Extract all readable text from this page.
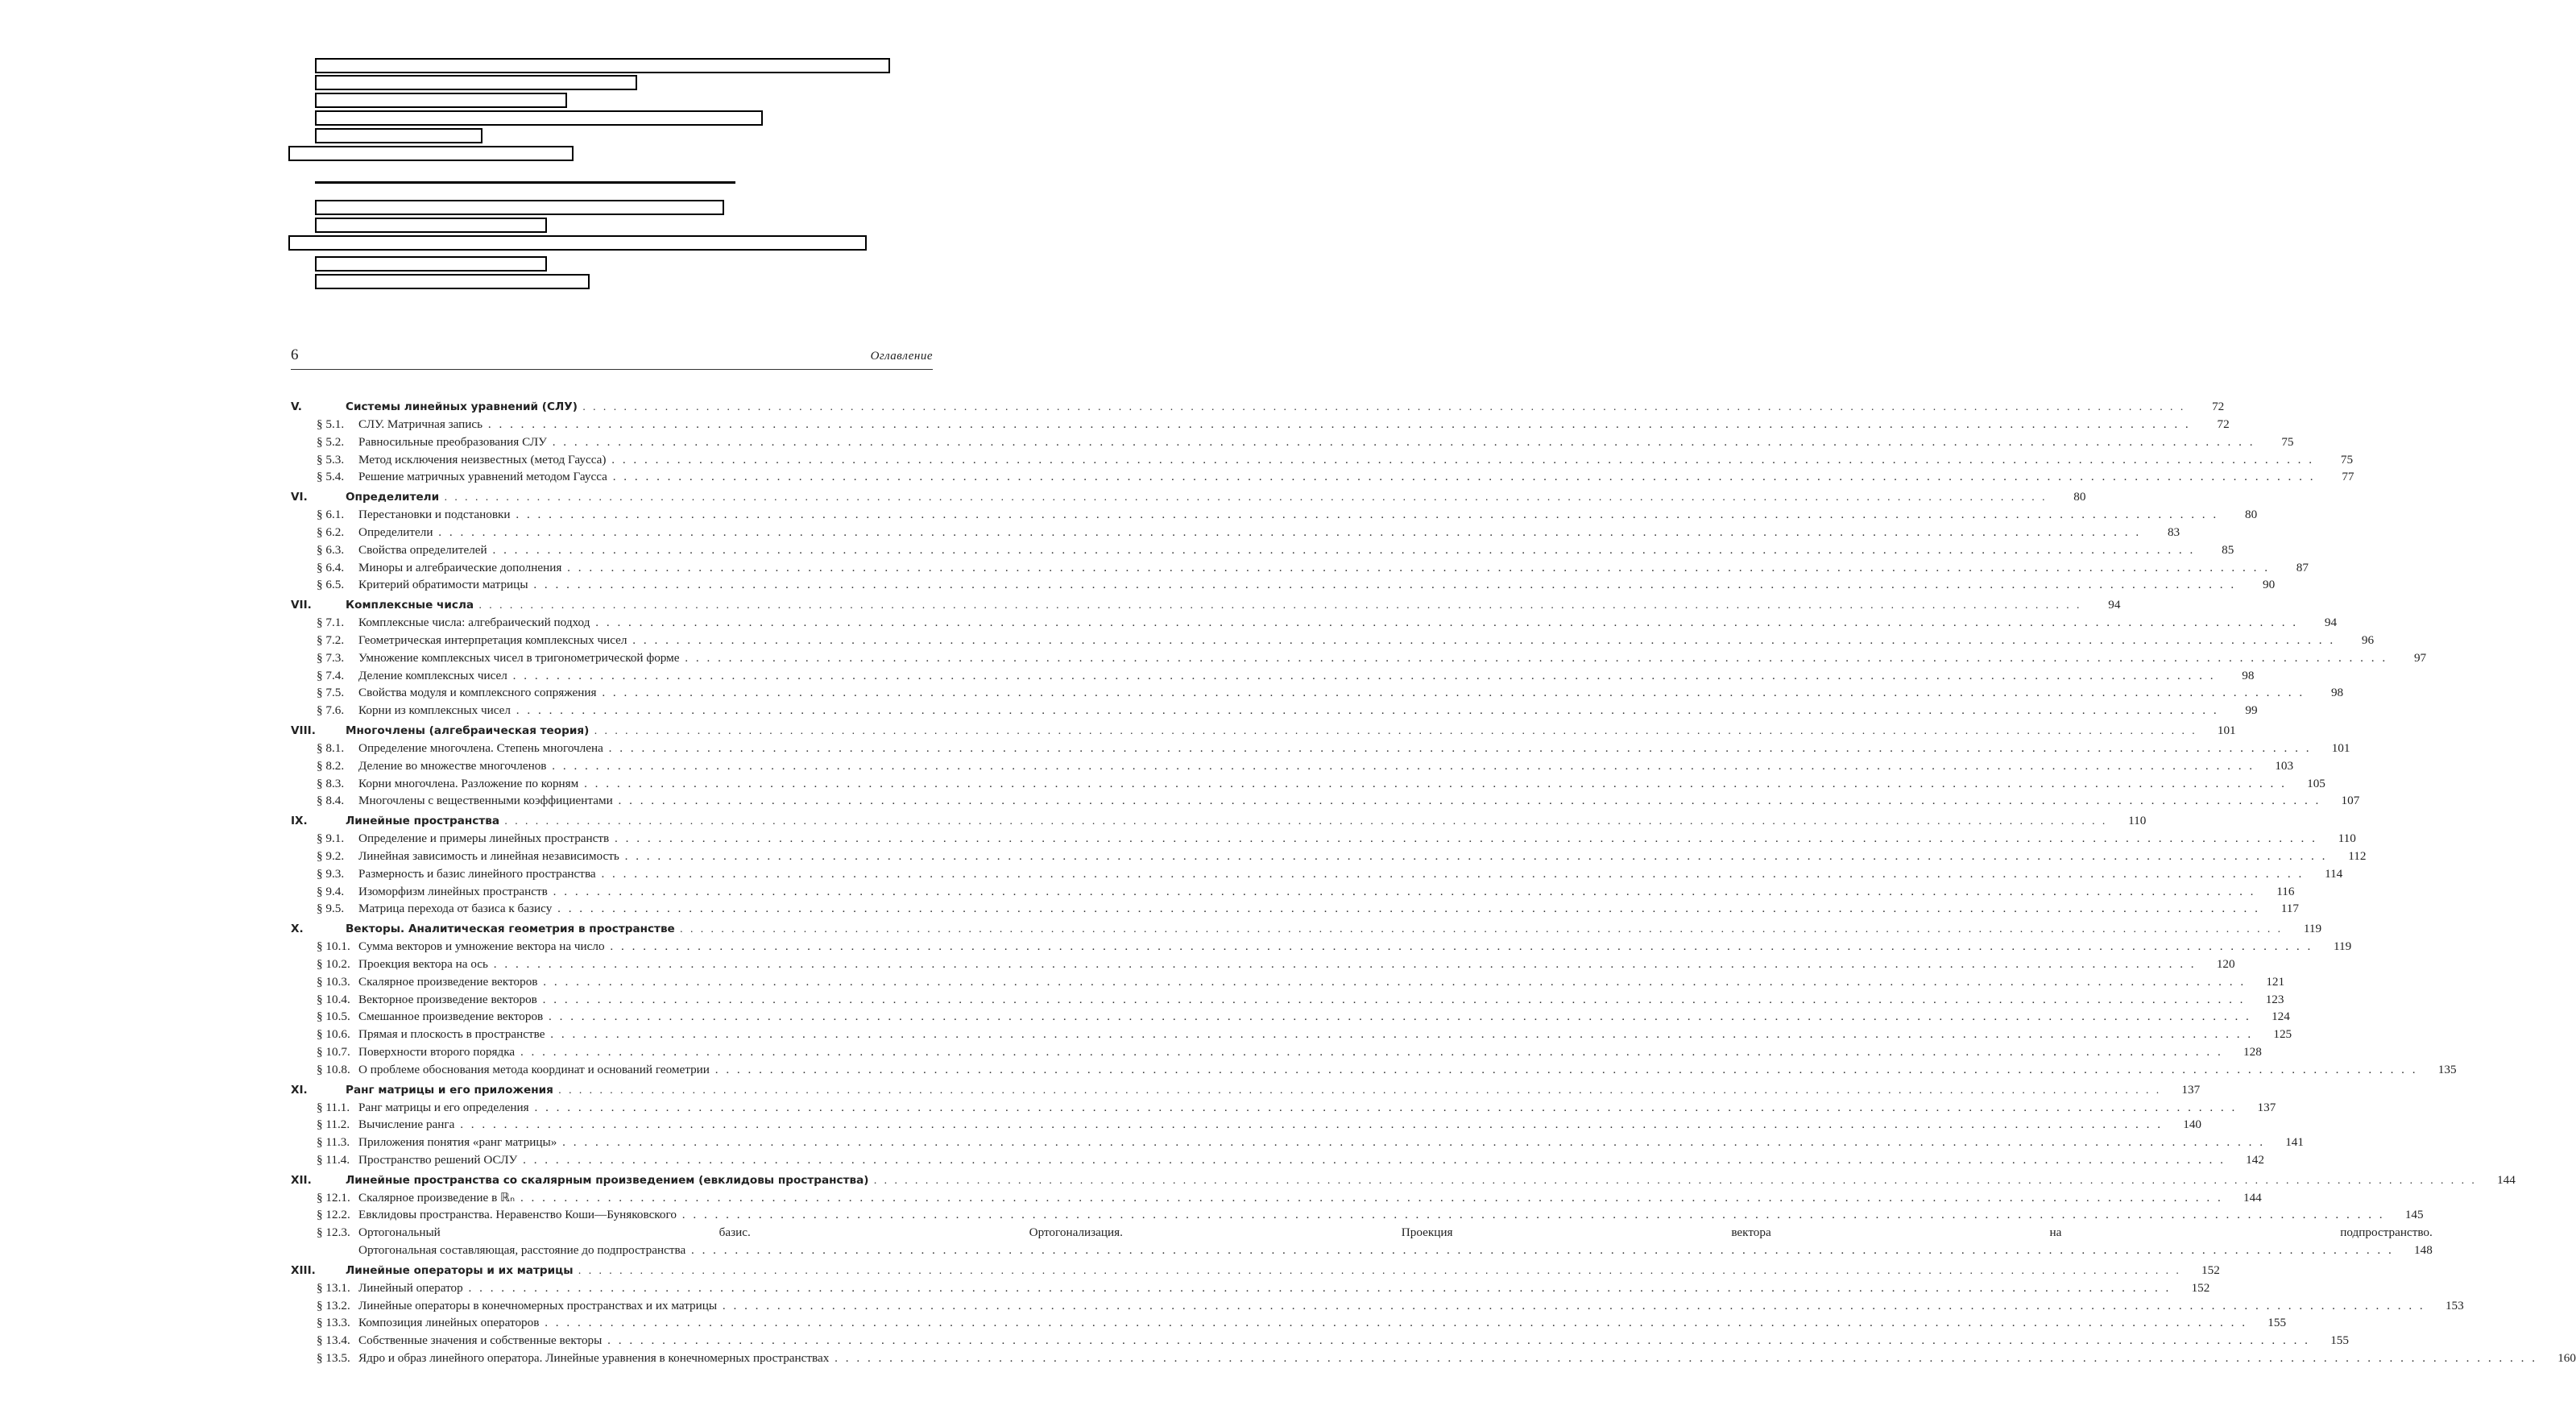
6	Оглавление
V.	Системы линейных уравнений (СЛУ) . . .	72
§ 5.1.	СЛУ. Матричная запись . . .	72
§ 5.2.	Равносильные преобразования СЛУ . . .	75
§ 5.3.	Метод исключения неизвестных (метод Гаусса) . . .	75
§ 5.4.	Решение матричных уравнений методом Гаусса . . .	77
VI.	Определители . . .	80
§ 6.1.	Перестановки и подстановки . . .	80
§ 6.2.	Определители . . .	83
§ 6.3.	Свойства определителей . . .	85
§ 6.4.	Миноры и алгебраические дополнения . . .	87
§ 6.5.	Критерий обратимости матрицы . . .	90
VII.	Комплексные числа . . .	94
§ 7.1.	Комплексные числа: алгебраический подход . . .	94
§ 7.2.	Геометрическая интерпретация комплексных чисел . . .	96
§ 7.3.	Умножение комплексных чисел в тригонометрической форме . . .	97
§ 7.4.	Деление комплексных чисел . . .	98
§ 7.5.	Свойства модуля и комплексного сопряжения . . .	98
§ 7.6.	Корни из комплексных чисел . . .	99
VIII.	Многочлены (алгебраическая теория) . . .	101
§ 8.1.	Определение многочлена. Степень многочлена . . .	101
§ 8.2.	Деление во множестве многочленов . . .	103
§ 8.3.	Корни многочлена. Разложение по корням . . .	105
§ 8.4.	Многочлены с вещественными коэффициентами . . .	107
IX.	Линейные пространства . . .	110
§ 9.1.	Определение и примеры линейных пространств . . .	110
§ 9.2.	Линейная зависимость и линейная независимость . . .	112
§ 9.3.	Размерность и базис линейного пространства . . .	114
§ 9.4.	Изоморфизм линейных пространств . . .	116
§ 9.5.	Матрица перехода от базиса к базису . . .	117
X.	Векторы. Аналитическая геометрия в пространстве . . .	119
§ 10.1. Сумма векторов и умножение вектора на число . . .	119
§ 10.2. Проекция вектора на ось . . .	120
§ 10.3. Скалярное произведение векторов . . .	121
§ 10.4. Векторное произведение векторов . . .	123
§ 10.5. Смешанное произведение векторов . . .	124
§ 10.6. Прямая и плоскость в пространстве . . .	125
§ 10.7. Поверхности второго порядка . . .	128
§ 10.8. О проблеме обоснования метода координат и оснований геометрии . . .	135
XI.	Ранг матрицы и его приложения . . .	137
§ 11.1. Ранг матрицы и его определения . . .	137
§ 11.2. Вычисление ранга . . .	140
§ 11.3. Приложения понятия «ранг матрицы» . . .	141
§ 11.4. Пространство решений ОСЛУ . . .	142
XII.	Линейные пространства со скалярным произведением (евклидовы пространства) . . .	144
§ 12.1. Скалярное произведение в ℝₙ . . .	144
§ 12.2. Евклидовы пространства. Неравенство Коши—Буняковского . . .	145
§ 12.3. Ортогональный базис. Ортогонализация. Проекция вектора на подпространство.
Ортогональная составляющая, расстояние до подпространства . . .	148
XIII.	Линейные операторы и их матрицы . . .	152
§ 13.1. Линейный оператор . . .	152
§ 13.2. Линейные операторы в конечномерных пространствах и их матрицы . . .	153
§ 13.3. Композиция линейных операторов . . .	155
§ 13.4. Собственные значения и собственные векторы . . .	155
§ 13.5. Ядро и образ линейного оператора. Линейные уравнения в конечномерных пространствах . . .	160
